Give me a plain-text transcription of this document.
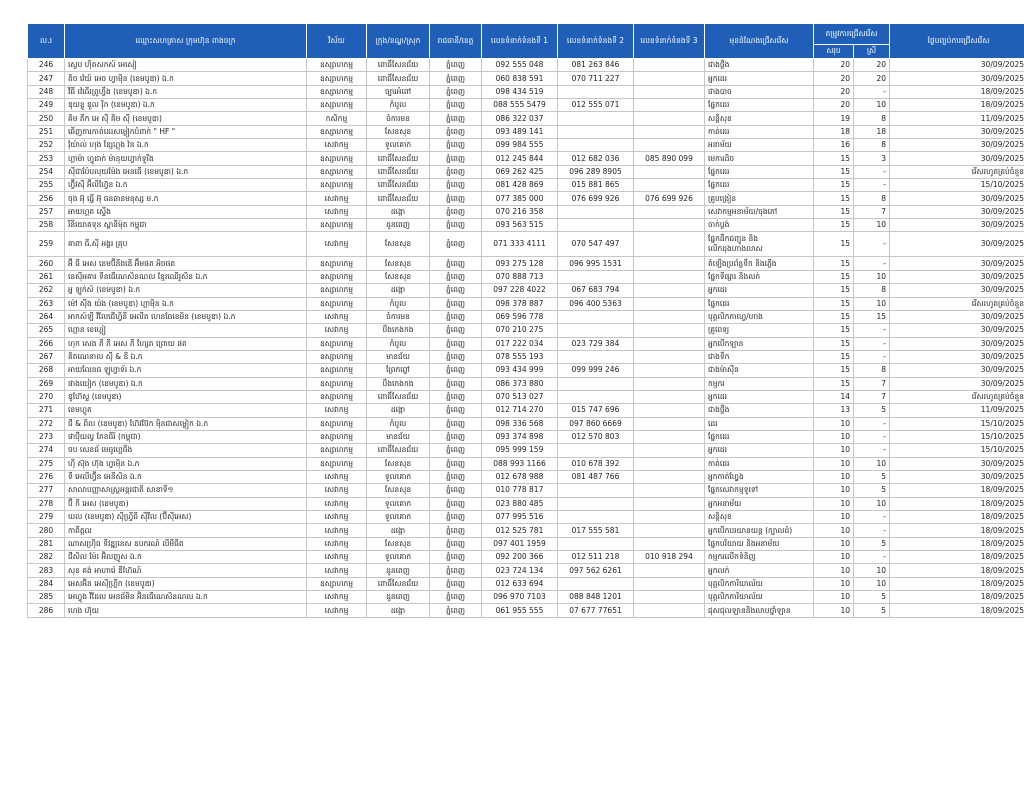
ល.រ	ឈ្មោះសហគ្រាស ក្រុមហ៊ុន ពាងចក្រ	វិស័យ	ក្រុង/ខណ្ឌ/ស្រុក	រាជធានី/ខេត្ត	លេខទំនាក់ទំនងទី 1	លេខទំនាក់ទំនងទី 2	លេខទំនាក់ទំនងទី 3	មុខដំណែងជ្រើសរើស	តម្រូវការជ្រើសរើស		ថ្ងៃបញ្ចប់ការជ្រើសរើស
									សរុប	ស្រី	
246	ស្លេប ហ៊ិតសកស៍ អេសៀ	ឧស្សាហកម្ម	ពោធិ៍សែនជ័យ	ភ្នំពេញ	092 555 048	081 263 846		ជាងថ្លឹង	20	20	30/09/2025
247	តិច វ៉េយ៍ អេច ហ្វាម៉ិន (ខេមបូឌា) ឯ.ក	ឧស្សាហកម្ម	ពោធិ៍សែនជ័យ	ភ្នំពេញ	060 838 591	070 711 227		អ្នកដេរ	20	20	30/09/2025
248	វីធី វ៉េធើរព្រូហ្វឹង (ខេមបូឌា) ឯ.ក	ឧស្សាហកម្ម	ច្បារអំពៅ	ភ្នំពេញ	098 434 519			ជាងបាច	20	-	18/09/2025
249	ឌុយខ្លូ ឌួល រ៉ិក (ខេមបូឌា) ឯ.ក	ឧស្សាហកម្ម	កំបូល	ភ្នំពេញ	088 555 5479	012 555 071		ផ្នែកដេរ	20	10	18/09/2025
250	គិម ភីក អេ ស៊ី គិម ស៊ី (ខេមបូឌា)	កសិកម្ម	ចំការមន	ភ្នំពេញ	086 322 037			សន្តិសុខ	19	8	11/09/2025
251	ឆើញការកាត់ដេរសម្លៀកបំពាក់ " HF "	ឧស្សាហកម្ម	សែនសុខ	ភ្នំពេញ	093 489 141			កាត់ដេរ	18	18	30/09/2025
252	វ៉ុយ៉ាល់ ហុង ខ្សែហ្គុង វ៉ន ឯ.ក	សេវាកម្ម	ទួលគោក	ភ្នំពេញ	099 984 555			អនាម័យ	16	8	30/09/2025
253	ហ្គាម៉ា ហ្វូដាក់ ម៉ានុយហ្វាក់ទួរីង	ឧស្សាហកម្ម	ពោធិ៍សែនជ័យ	ភ្នំពេញ	012 245 844	012 682 036	085 890 099	មេការដិច	15	3	30/09/2025
254	ស៊ីជាប៉ែបលុយម៉ែង អេនធើ (ខេមបូឌា) ឯ.ក	ឧស្សាហកម្ម	ពោធិ៍សែនជ័យ	ភ្នំពេញ	069 262 425	096 289 8905		ផ្នែកដេរ	15	-	រើសរហូតគ្រប់ចំនួន
255	ហ្វ៊ីវស៊ី អ៊ីលីហ្វ៊ែន ឯ.ក	ឧស្សាហកម្ម	ពោធិ៍សែនជ័យ	ភ្នំពេញ	081 428 869	015 881 865		ផ្នែកដេរ	15	-	15/10/2025
256	ចុង អ៊ុ ធ្វើ អ៊ុ ធនធានមនុស្ស ម.ក	សេវាកម្ម	ពោធិ៍សែនជ័យ	ភ្នំពេញ	077 385 000	076 699 926	076 699 926	គ្រូបង្រៀន	15	8	30/09/2025
257	អាយហ្គត ស្ទើង	សេវាកម្ម	ដង្កោ	ភ្នំពេញ	070 216 358			សេវាកម្មអនាម័យ/ចុងភៅ	15	7	30/09/2025
258	រីនីយោគទុន ស្ពានីម៉ុត កម្ពុជា	ឧស្សាហកម្ម	ដូនពេញ	ភ្នំពេញ	093 563 515			ចាក់ប្លង់	15	10	30/09/2025
259	គាពា ធី.ស៊ី អង្គរ គ្រុប	សេវាកម្ម	សែនសុខ	ភ្នំពេញ	071 333 4111	070 547 497		ផ្នែកដឹកជញ្ជូន និងលើកដុងហាងលាស	15	-	30/09/2025
260	អ៊ី ធី អេស ខេមប៊ីនីងឌើ អ៊ីមផត អិចផត	ឧស្សាហកម្ម	សែនសុខ	ភ្នំពេញ	093 275 128	096 995 1531		តំឡើងប្រព័ន្ធទឹក និងភ្លើង	15	-	30/09/2025
261	នេស៊ីអគារ ទីនធើណេសិនណល ខ្មែរឈើរូសិន ឯ.ក	ឧស្សាហកម្ម	សែនសុខ	ភ្នំពេញ	070 888 713			ផ្នែកទីផ្សារ និងលក់	15	10	30/09/2025
262	អ្ន ឡូក់ស៍ (ខេមបូឌា) ឯ.ក	ឧស្សាហកម្ម	ដង្កោ	ភ្នំពេញ	097 228 4022	067 683 794		អ្នកដេរ	15	8	30/09/2025
263	ម៉ៅ ស៊ីង យ៉ង (ខេមបូឌា) ហ្គាម៉ិន ឯ.ក	ឧស្សាហកម្ម	កំបូល	ភ្នំពេញ	098 378 887	096 400 5363		ផ្នែកដេរ	15	10	រើសរហូតគ្រប់ចំនួន
264	អាកស៍ឡី វីលែជើហ្វិនី អេលីត ហេនធែខេមិន (ខេមបូឌា) ឯ.ក	សេវាកម្ម	ចំការមន	ភ្នំពេញ	069 596 778			បុគ្គលិកកាហ្វេ/ហាង	15	15	30/09/2025
265	ហ្គោន ខេហ្គៀ	សេវាកម្ម	បឹងកេងកង	ភ្នំពេញ	070 210 275			គ្រូពេទ្យ	15	-	30/09/2025
266	ហុក សេង ភី ភី អេស ភី ហ្សែត ព្រោយ ផត	ឧស្សាហកម្ម	កំបូល	ភ្នំពេញ	017 222 034	023 729 384		អ្នកបើកឡាន	15	-	30/09/2025
267	គិតណេនាល ស៊ី & ឌី ឯ.ក	ឧស្សាហកម្ម	មានជ័យ	ភ្នំពេញ	078 555 193			ជាងទឹក	15	-	30/09/2025
268	អាយលែនធ ឡូហ្វាទ័រ ឯ.ក	ឧស្សាហកម្ម	ព្រែកព្នៅ	ភ្នំពេញ	093 434 999	099 999 246		ជាងម៉ាស៊ីន	15	8	30/09/2025
269	ផាងយៀក (ខេមបូឌា) ឯ.ក	ឧស្សាហកម្ម	បឹងកេងកង	ភ្នំពេញ	086 373 880			កម្មករ	15	7	30/09/2025
270	ឌូហ៊ែស្ទ (ខេមបូឌា)	ឧស្សាហកម្ម	ពោធិ៍សែនជ័យ	ភ្នំពេញ	070 513 027			អ្នកដេរ	14	7	រើសរហូតគ្រប់ចំនួន
271	ខេមហ្គូត	សេវាកម្ម	ដង្កោ	ភ្នំពេញ	012 714 270	015 747 696		ជាងថ្លឹង	13	5	11/09/2025
272	ជី & ពិល (ខេមបូឌា) ហ៊ែវប៊ែក ម៉ិនជាសម្លៀក ឯ.ក	ឧស្សាហកម្ម	កំបូល	ភ្នំពេញ	098 336 568	097 860 6669		ដេរ	10	-	15/10/2025
273	ផាប៉ឺយល្វ ភែនធីរ៍ (កម្ពុជា)	ឧស្សាហកម្ម	មានជ័យ	ភ្នំពេញ	093 374 898	012 570 803		ផ្នែកដេរ	10	-	15/10/2025
274	ចប សេនធ័ មេធូហ្គេធីង	ឧស្សាហកម្ម	ពោធិ៍សែនជ័យ	ភ្នំពេញ	095 999 159			អ្នកដេរ	10	-	15/10/2025
275	ហ៊ី ស៊ុង ហ៊ុង ហ្វាម៉ិន ឯ.ក	ឧស្សាហកម្ម	សែនសុខ	ភ្នំពេញ	088 993 1166	010 678 392		កាត់ដេរ	10	10	30/09/2025
276	ទី អេលីហ្វ៊ីន អេនីសិន ឯ.ក	សេវាកម្ម	ទួលគោក	ភ្នំពេញ	012 678 988	081 487 766		អ្នកកាត់ហ្វ្លែង	10	5	30/09/2025
277	សាលាបញ្ញាសាស្ត្រអន្តរជាតិ សាខាទី១	សេវាកម្ម	សែនសុខ	ភ្នំពេញ	010 778 817			ផ្នែកសេវាកម្មទូទៅ	10	5	18/09/2025
278	ប៊ី កី អេស (ខេមបូឌា)	សេវាកម្ម	ទួលគោក	ភ្នំពេញ	023 880 485			អ្នកអនាម័យ	10	10	18/09/2025
279	ឃល (ខេមបូឌា) ស៊ីហ្វ្រីធី ស៊ីវីល (ប៊ីស៊ីអេស)	សេវាកម្ម	ទួលគោក	ភ្នំពេញ	077 995 516			សន្តិសុខ	10	-	18/09/2025
280	កាពីត្តល	សេវាកម្ម	ដង្កោ	ភ្នំពេញ	012 525 781	017 555 581		អ្នកបើកបរយានយន្ត (ក្បាលដំ)	10	-	18/09/2025
281	ណាសហ៊្រិធ ទីវឌ្ឍនេស ឧបករណ៍ លីមីធីត	សេវាកម្ម	សែនសុខ	ភ្នំពេញ	097 401 1959			ផ្នែកបរិយាយ និងអនាម័យ	10	5	18/09/2025
282	ជីសិល ម៉ែរ អ៊ិលញូស ឯ.ក	សេវាកម្ម	ទួលគោក	ភ្នំពេញ	092 200 366	012 511 218	010 918 294	កម្មករលើកទំនិញ	10	-	18/09/2025
283	សុខ គង់ អាហារ៉េ ឌីហ៊ែណ៍	សេវាកម្ម	ដូនពេញ	ភ្នំពេញ	023 724 134	097 562 6261		អ្នកលក់	10	10	18/09/2025
284	អេសអ៊ិន អេស៊ីហ្គ្រីក (ខេមបូឌា)	ឧស្សាហកម្ម	ពោធិ៍សែនជ័យ	ភ្នំពេញ	012 633 694			បុគ្គលិកការិយាល័យ	10	10	18/09/2025
285	អេហ្វូង វីដែល អេនធ័មិន អ៊ិនធើណេសិនណល ឯ.ក	សេវាកម្ម	ដូនពេញ	ភ្នំពេញ	096 970 7103	088 848 1201		បុគ្គលិកការិយាល័យ	10	5	18/09/2025
286	ហេង ហ៊ុយ	សេវាកម្ម	ដង្កោ	ភ្នំពេញ	061 955 555	07 677 77651		ជុសជុលឡាននិងលាបថ្នាំឡាន	10	5	18/09/2025
